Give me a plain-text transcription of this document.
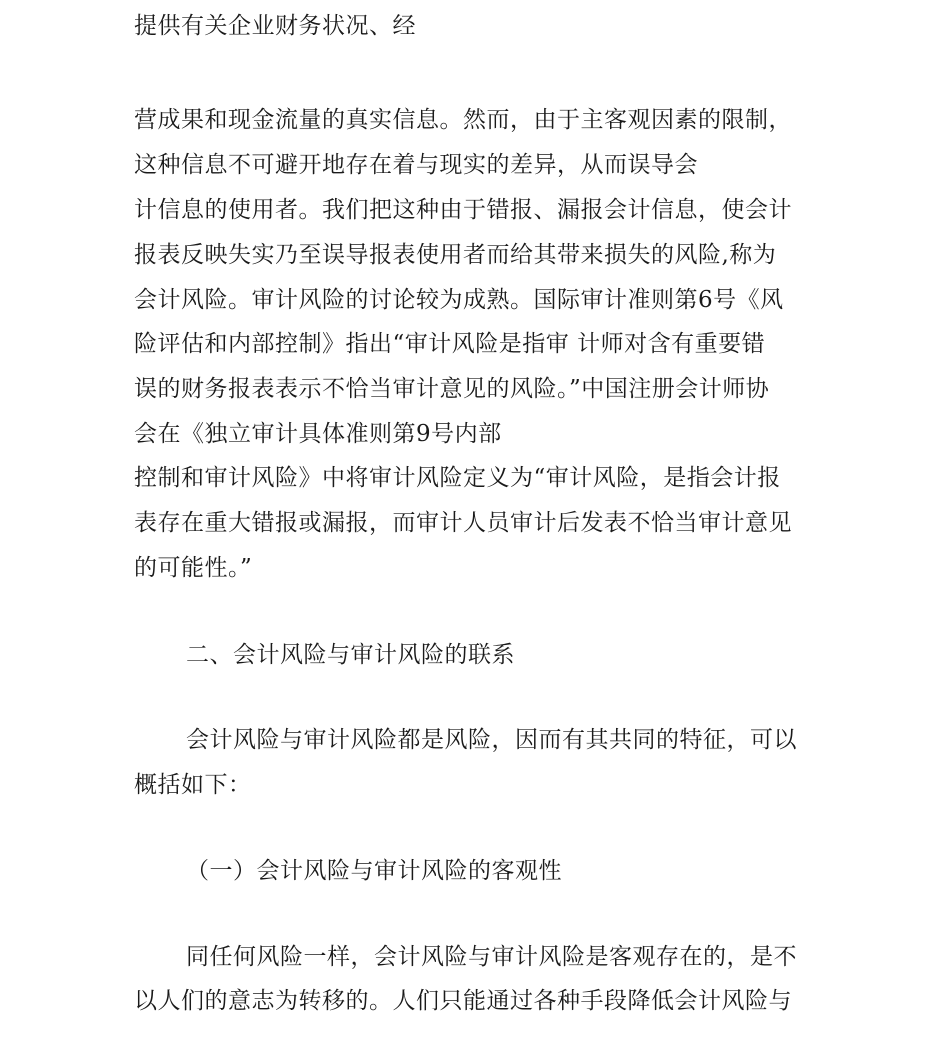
提供有关企业财务状况、经
营成果和现金流量的真实信息。然而，由于主客观因素的限制，
这种信息不可避开地存在着与现实的差异，从而误导会
计信息的使用者。我们把这种由于错报、漏报会计信息，使会计
报表反映失实乃至误导报表使用者而给其带来损失的风险,称为
会计风险。审计风险的讨论较为成熟。国际审计准则第6号《风
险评估和内部控制》指出“审计风险是指审 计师对含有重要错
误的财务报表表示不恰当审计意见的风险。”中国注册会计师协
会在《独立审计具体准则第9号内部
控制和审计风险》中将审计风险定义为“审计风险，是指会计报
表存在重大错报或漏报，而审计人员审计后发表不恰当审计意见
的可能性。”
二、会计风险与审计风险的联系
会计风险与审计风险都是风险，因而有其共同的特征，可以
概括如下：
（一）会计风险与审计风险的客观性
同任何风险一样，会计风险与审计风险是客观存在的，是不
以人们的意志为转移的。人们只能通过各种手段降低会计风险与
